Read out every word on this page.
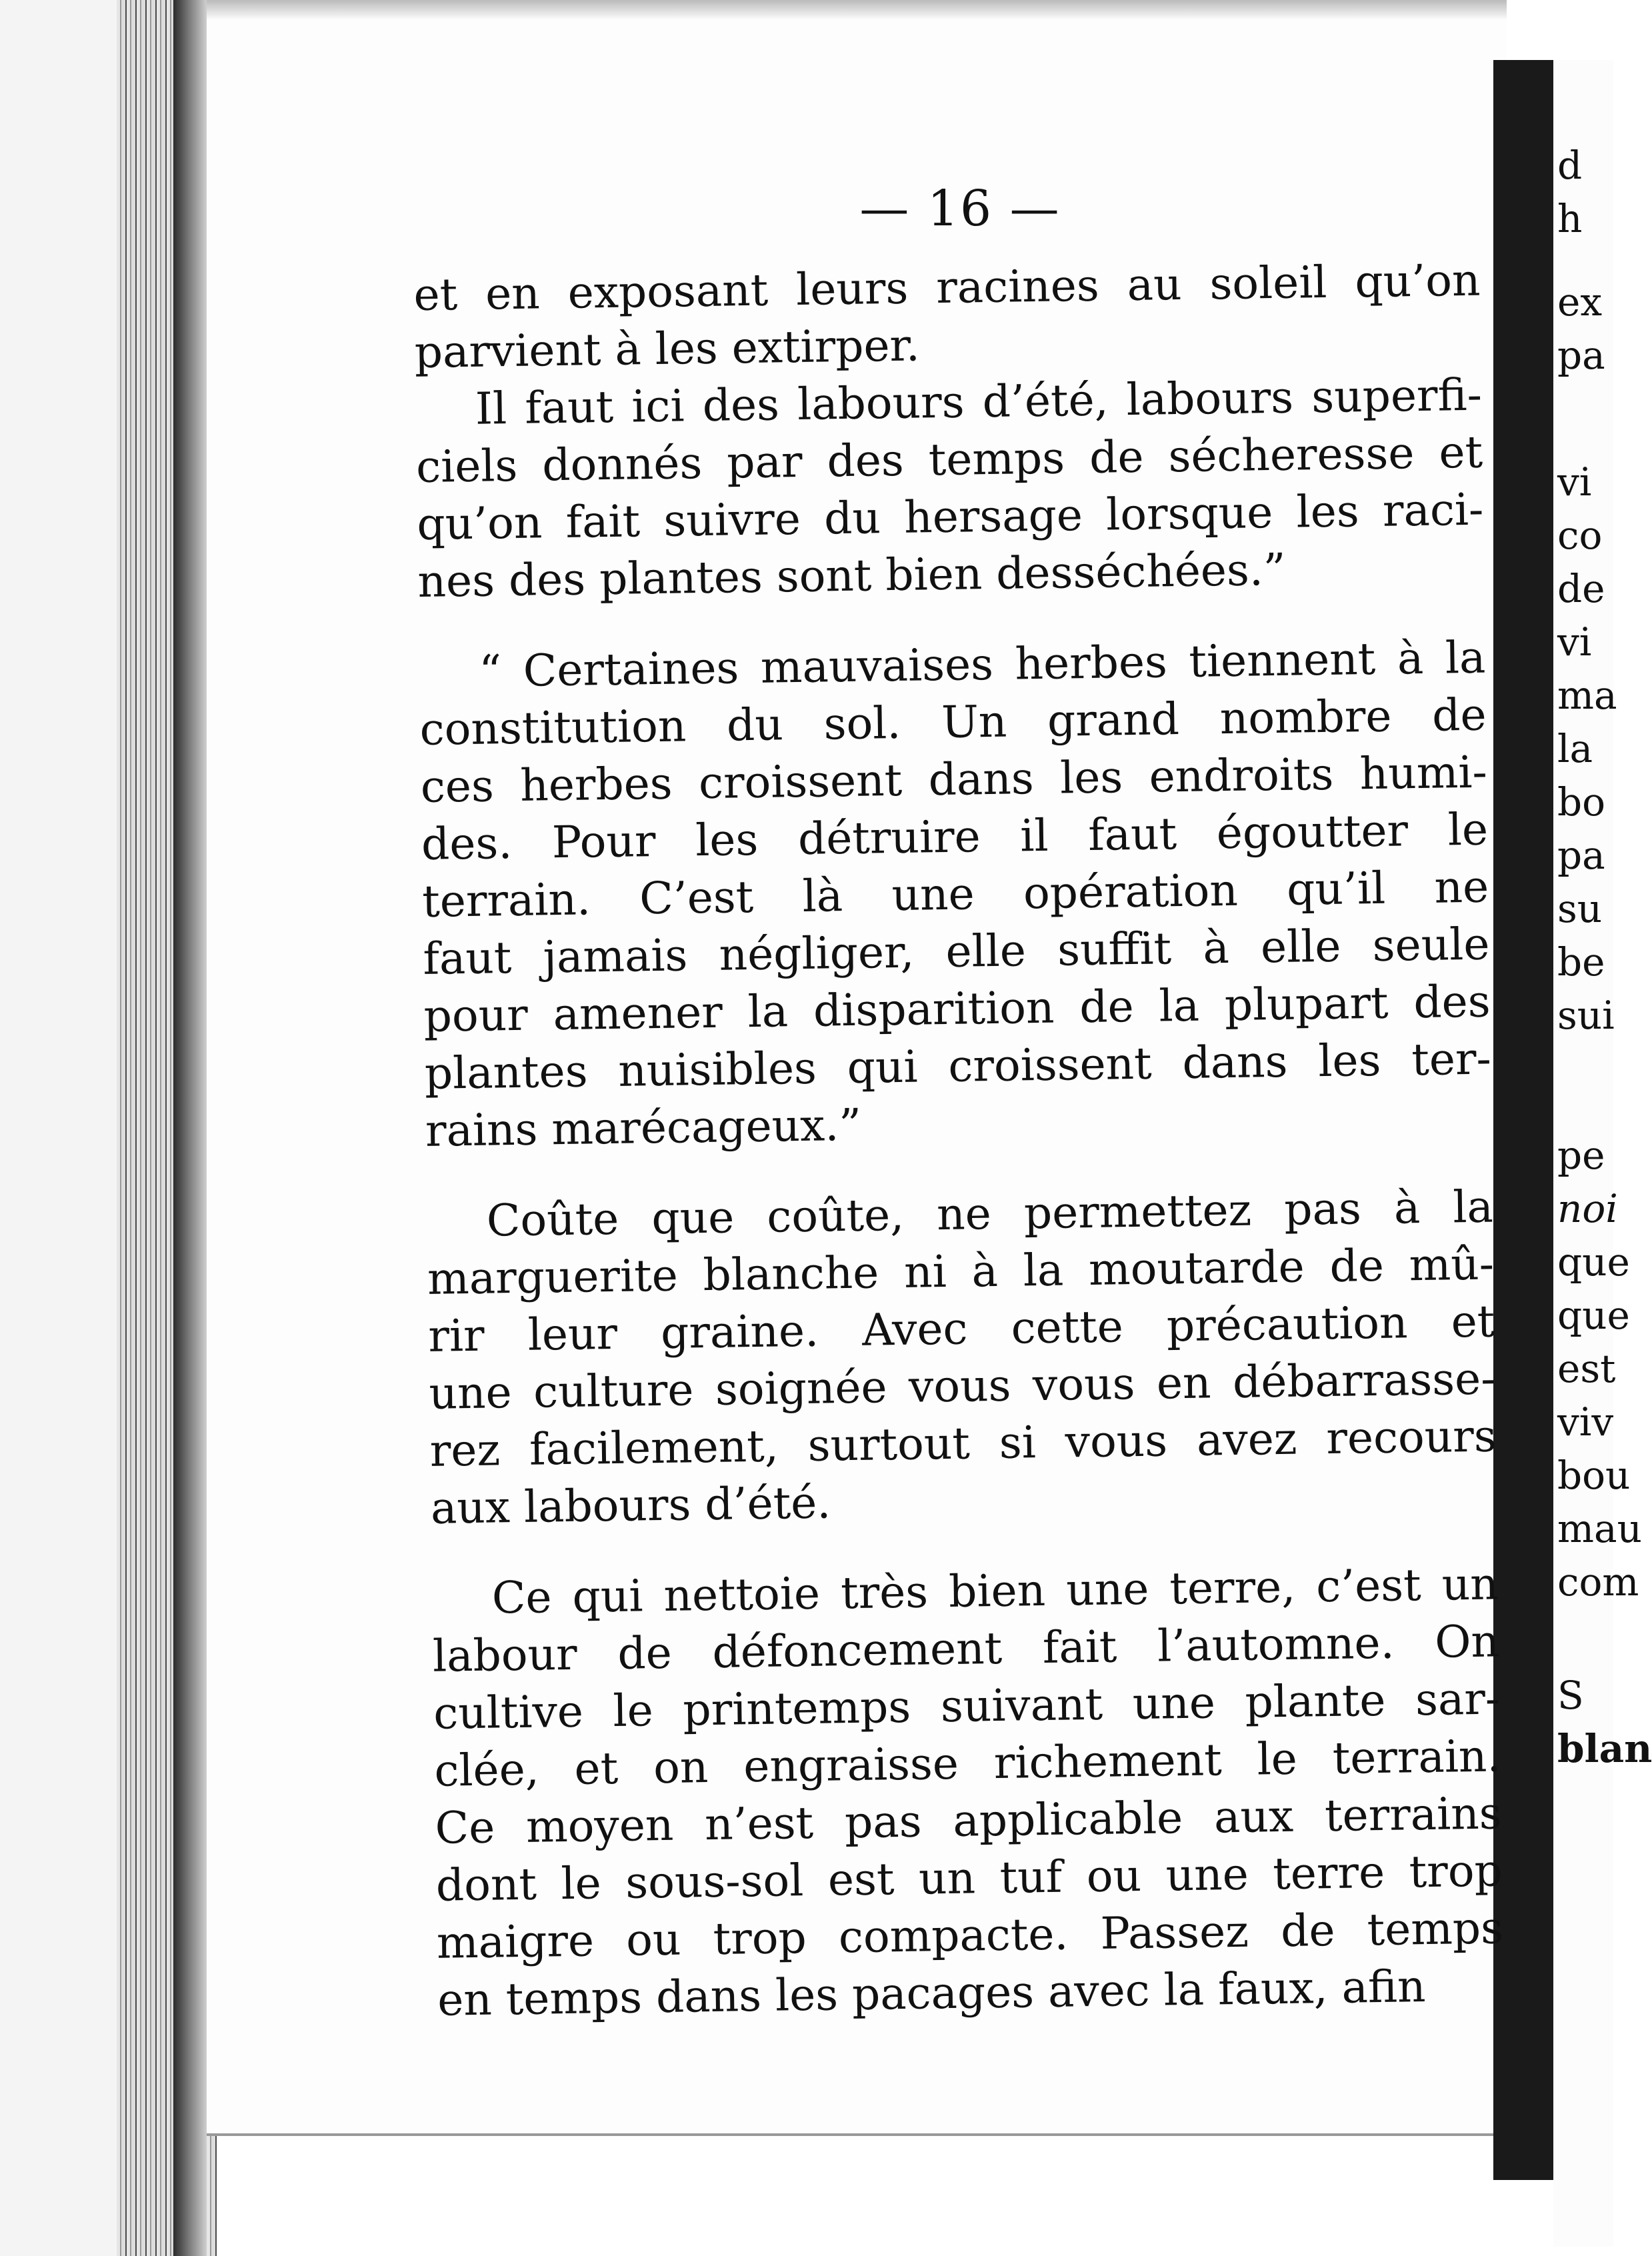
d
h
ex
pa
vi
co
de
vi
ma
la
bo
pa
su
be
sui
pe
noi
que
que
est
viv
bou
mau
com
S
blan
— 16 —
et en exposant leurs racines au soleil qu’on
parvient à les extirper.
Il faut ici des labours d’été, labours superfi-
ciels donnés par des temps de sécheresse et
qu’on fait suivre du hersage lorsque les raci-
nes des plantes sont bien desséchées.”
“ Certaines mauvaises herbes tiennent à la
constitution du sol. Un grand nombre de
ces herbes croissent dans les endroits humi-
des. Pour les détruire il faut égoutter le
terrain. C’est là une opération qu’il ne
faut jamais négliger, elle suffit à elle seule
pour amener la disparition de la plupart des
plantes nuisibles qui croissent dans les ter-
rains marécageux.”
Coûte que coûte, ne permettez pas à la
marguerite blanche ni à la moutarde de mû-
rir leur graine. Avec cette précaution et
une culture soignée vous vous en débarrasse-
rez facilement, surtout si vous avez recours
aux labours d’été.
Ce qui nettoie très bien une terre, c’est un
labour de défoncement fait l’automne. On
cultive le printemps suivant une plante sar-
clée, et on engraisse richement le terrain.
Ce moyen n’est pas applicable aux terrains
dont le sous-sol est un tuf ou une terre trop
maigre ou trop compacte. Passez de temps
en temps dans les pacages avec la faux, afin
